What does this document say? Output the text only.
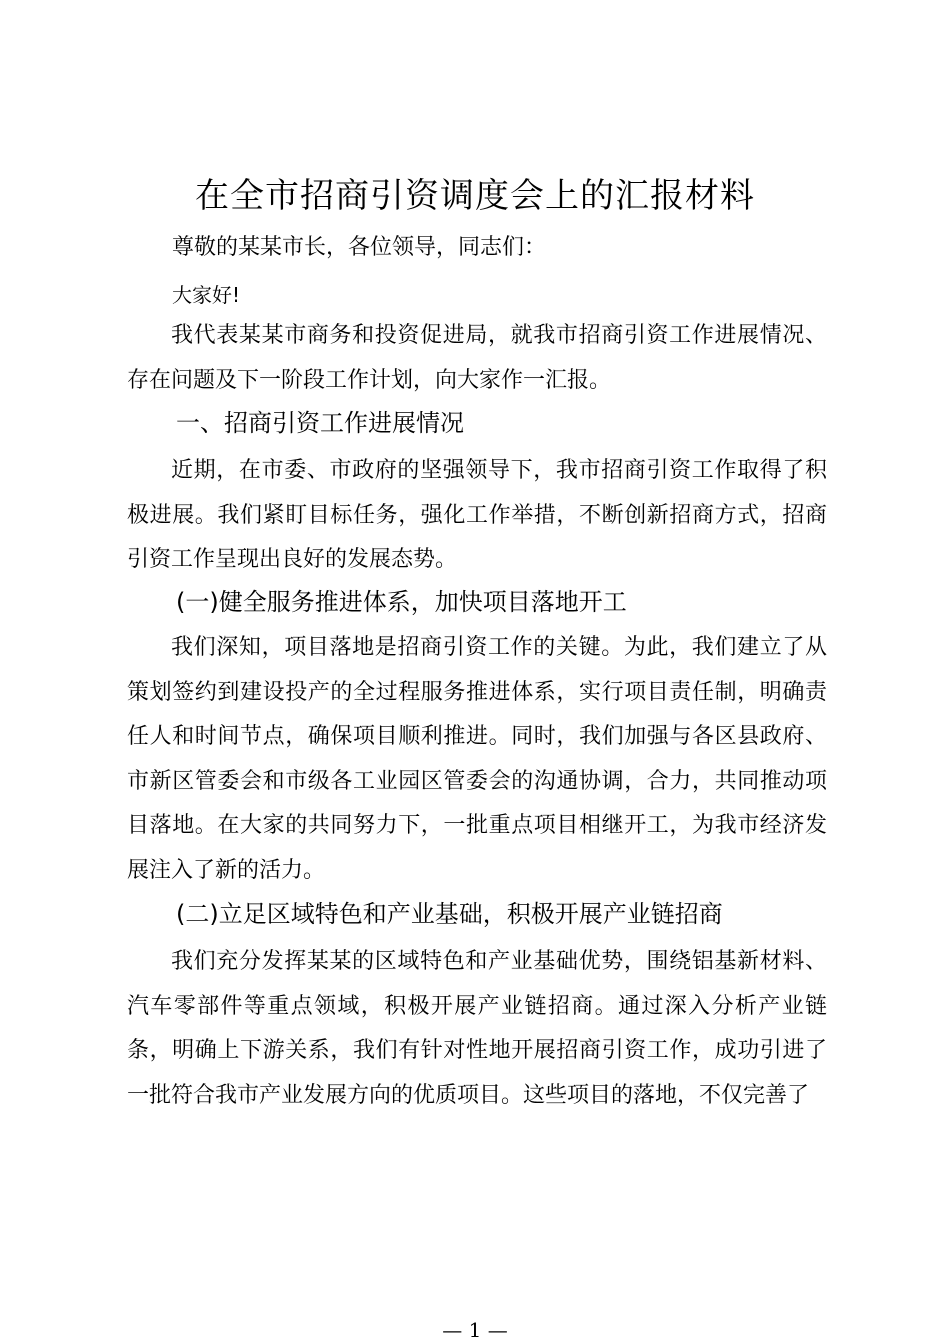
在全市招商引资调度会上的汇报材料
尊敬的某某市长，各位领导，同志们：
大家好!

我代表某某市商务和投资促进局，就我市招商引资工作进展情况、存在问题及下一阶段工作计划，向大家作一汇报。

一、招商引资工作进展情况

近期，在市委、市政府的坚强领导下，我市招商引资工作取得了积极进展。我们紧盯目标任务，强化工作举措，不断创新招商方式，招商引资工作呈现出良好的发展态势。

(一)健全服务推进体系，加快项目落地开工

我们深知，项目落地是招商引资工作的关键。为此，我们建立了从策划签约到建设投产的全过程服务推进体系，实行项目责任制，明确责任人和时间节点，确保项目顺利推进。同时，我们加强与各区县政府、市新区管委会和市级各工业园区管委会的沟通协调，合力，共同推动项目落地。在大家的共同努力下，一批重点项目相继开工，为我市经济发展注入了新的活力。

(二)立足区域特色和产业基础，积极开展产业链招商

我们充分发挥某某的区域特色和产业基础优势，围绕铝基新材料、汽车零部件等重点领域，积极开展产业链招商。通过深入分析产业链条，明确上下游关系，我们有针对性地开展招商引资工作，成功引进了一批符合我市产业发展方向的优质项目。这些项目的落地，不仅完善了

— 1 —
